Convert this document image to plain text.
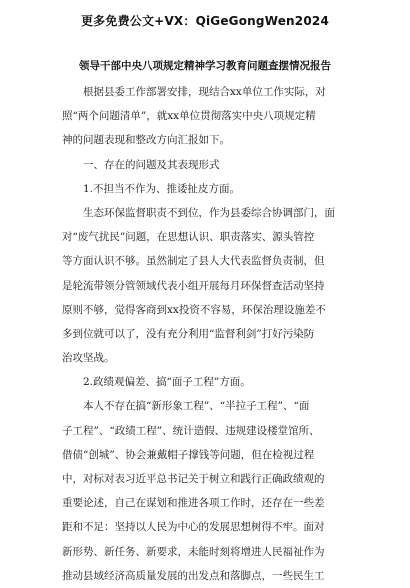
更多免费公文+VX：QiGeGongWen2024
领导干部中央八项规定精神学习教育问题查摆情况报告
根据县委工作部署安排，现结合xx单位工作实际，对
照“两个问题清单”，就xx单位贯彻落实中央八项规定精
神的问题表现和整改方向汇报如下。
一、存在的问题及其表现形式
1.不担当不作为、推诿扯皮方面。
生态环保监督职责不到位，作为县委综合协调部门，面
对“废气扰民”问题，在思想认识、职责落实、源头管控
等方面认识不够。虽然制定了县人大代表监督负责制，但
是轮流带领分管领域代表小组开展每月环保督查活动坚持
原则不够，觉得客商到xx投资不容易，环保治理设施差不
多到位就可以了，没有充分利用“监督利剑”打好污染防
治攻坚战。
2.政绩观偏差、搞“面子工程”方面。
本人不存在搞“新形象工程”、“半拉子工程”、“面
子工程”、“政绩工程”、统计造假、违规建设楼堂馆所、
借债“创城”、协会兼戴帽子撑钱等问题，但在检视过程
中，对标对表习近平总书记关于树立和践行正确政绩观的
重要论述，自己在谋划和推进各项工作时，还存在一些差
距和不足：坚持以人民为中心的发展思想树得不牢。面对
新形势、新任务、新要求，未能时刻将增进人民福祉作为
推动县域经济高质量发展的出发点和落脚点，一些民生工
